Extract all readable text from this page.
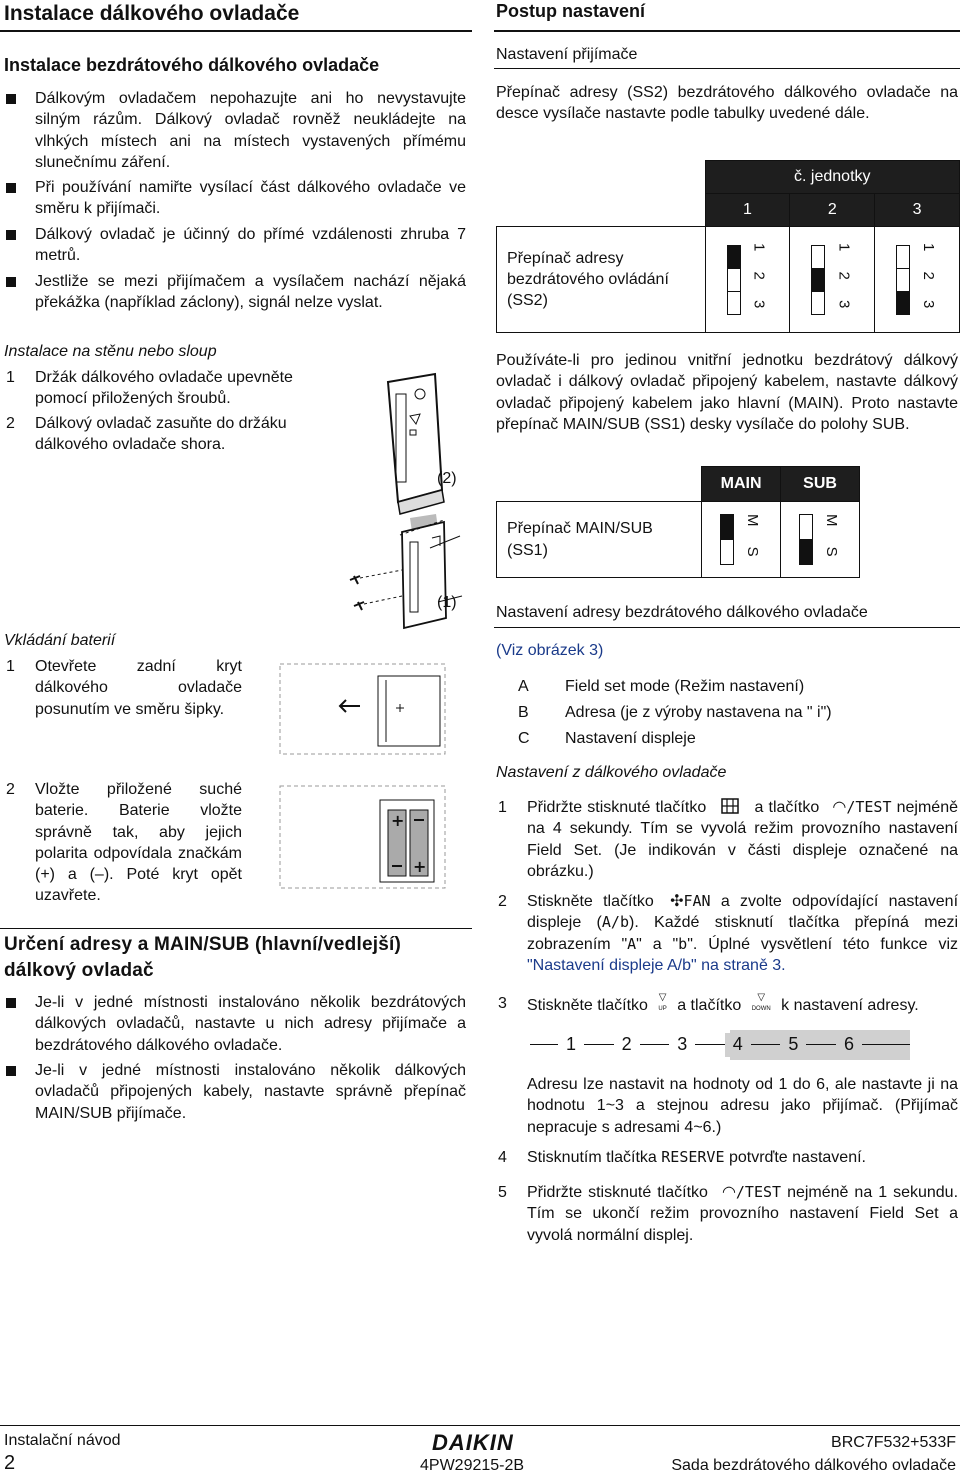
Instalace dálkového ovladače	Postup nastavení
Instalace bezdrátového dálkového ovladače
Dálkovým ovladačem nepohazujte ani ho nevystavujte silným rázům. Dálkový ovladač rovněž neukládejte na vlhkých místech ani na místech vystavených přímému slunečnímu záření.
Při používání namiřte vysílací část dálkového ovladače ve směru k přijímači.
Dálkový ovladač je účinný do přímé vzdálenosti zhruba 7 metrů.
Jestliže se mezi přijímačem a vysílačem nachází nějaká překážka (například záclony), signál nelze vyslat.
Instalace na stěnu nebo sloup
1 Držák dálkového ovladače upevněte pomocí přiložených šroubů.
2 Dálkový ovladač zasuňte do držáku dálkového ovladače shora.
(2)
(1)
Vkládání baterií
1 Otevřete zadní kryt dálkového ovladače posunutím ve směru šipky.
2 Vložte přiložené suché baterie. Baterie vložte správně tak, aby jejich polarita odpovídala značkám (+) a (–). Poté kryt opět uzavřete.
+
+
Určení adresy a MAIN/SUB (hlavní/vedlejší) dálkový ovladač
Je-li v jedné místnosti instalováno několik bezdrátových dálkových ovladačů, nastavte u nich adresy přijímače a bezdrátového dálkového ovladače.
Je-li v jedné místnosti instalováno několik dálkových ovladačů připojených kabely, nastavte správně přepínač MAIN/SUB přijímače.
Nastavení přijímače
Přepínač adresy (SS2) bezdrátového dálkového ovladače na desce vysílače nastavte podle tabulky uvedené dále.
	č. jednotky		
	1	2	3
Přepínač adresy bezdrátového ovládání (SS2)	1 2 3	1 2 3	1 2 3
Používáte-li pro jedinou vnitřní jednotku bezdrátový dálkový ovladač i dálkový ovladač připojený kabelem, nastavte dálkový ovladač připojený kabelem jako hlavní (MAIN). Proto nastavte přepínač MAIN/SUB (SS1) desky vysílače do polohy SUB.
	MAIN	SUB
Přepínač MAIN/SUB (SS1)	M S	M S
Nastavení adresy bezdrátového dálkového ovladače
(Viz obrázek 3)
A Field set mode (Režim nastavení)
B Adresa (je z výroby nastavena na " i")
C Nastavení displeje
Nastavení z dálkového ovladače
1 Přidržte stisknuté tlačítko	a tlačítko ◠/TEST nejméně na 4 sekundy. Tím se vyvolá režim provozního nastavení Field Set. (Je indikován v části displeje označené na obrázku.)
2 Stiskněte tlačítko ✣FAN a zvolte odpovídající nastavení displeje (A/b). Každé stisknutí tlačítka přepíná mezi zobrazením "A" a "b". Úplné vysvětlení této funkce viz "Nastavení displeje A/b" na straně 3.
3 Stiskněte tlačítko ▽
UP a tlačítko ▽
DOWN k nastavení adresy.
1	2	3	4	5	6
Adresu lze nastavit na hodnoty od 1 do 6, ale nastavte ji na hodnotu 1~3 a stejnou adresu jako přijímač. (Přijímač nepracuje s adresami 4~6.)
4 Stisknutím tlačítka RESERVE potvrďte nastavení.
5 Přidržte stisknuté tlačítko ◠/TEST nejméně na 1 sekundu. Tím se ukončí režim provozního nastavení Field Set a vyvolá normální displej.
Instalační návod
2
DAIKIN
4PW29215-2B
BRC7F532+533F
Sada bezdrátového dálkového ovladače
